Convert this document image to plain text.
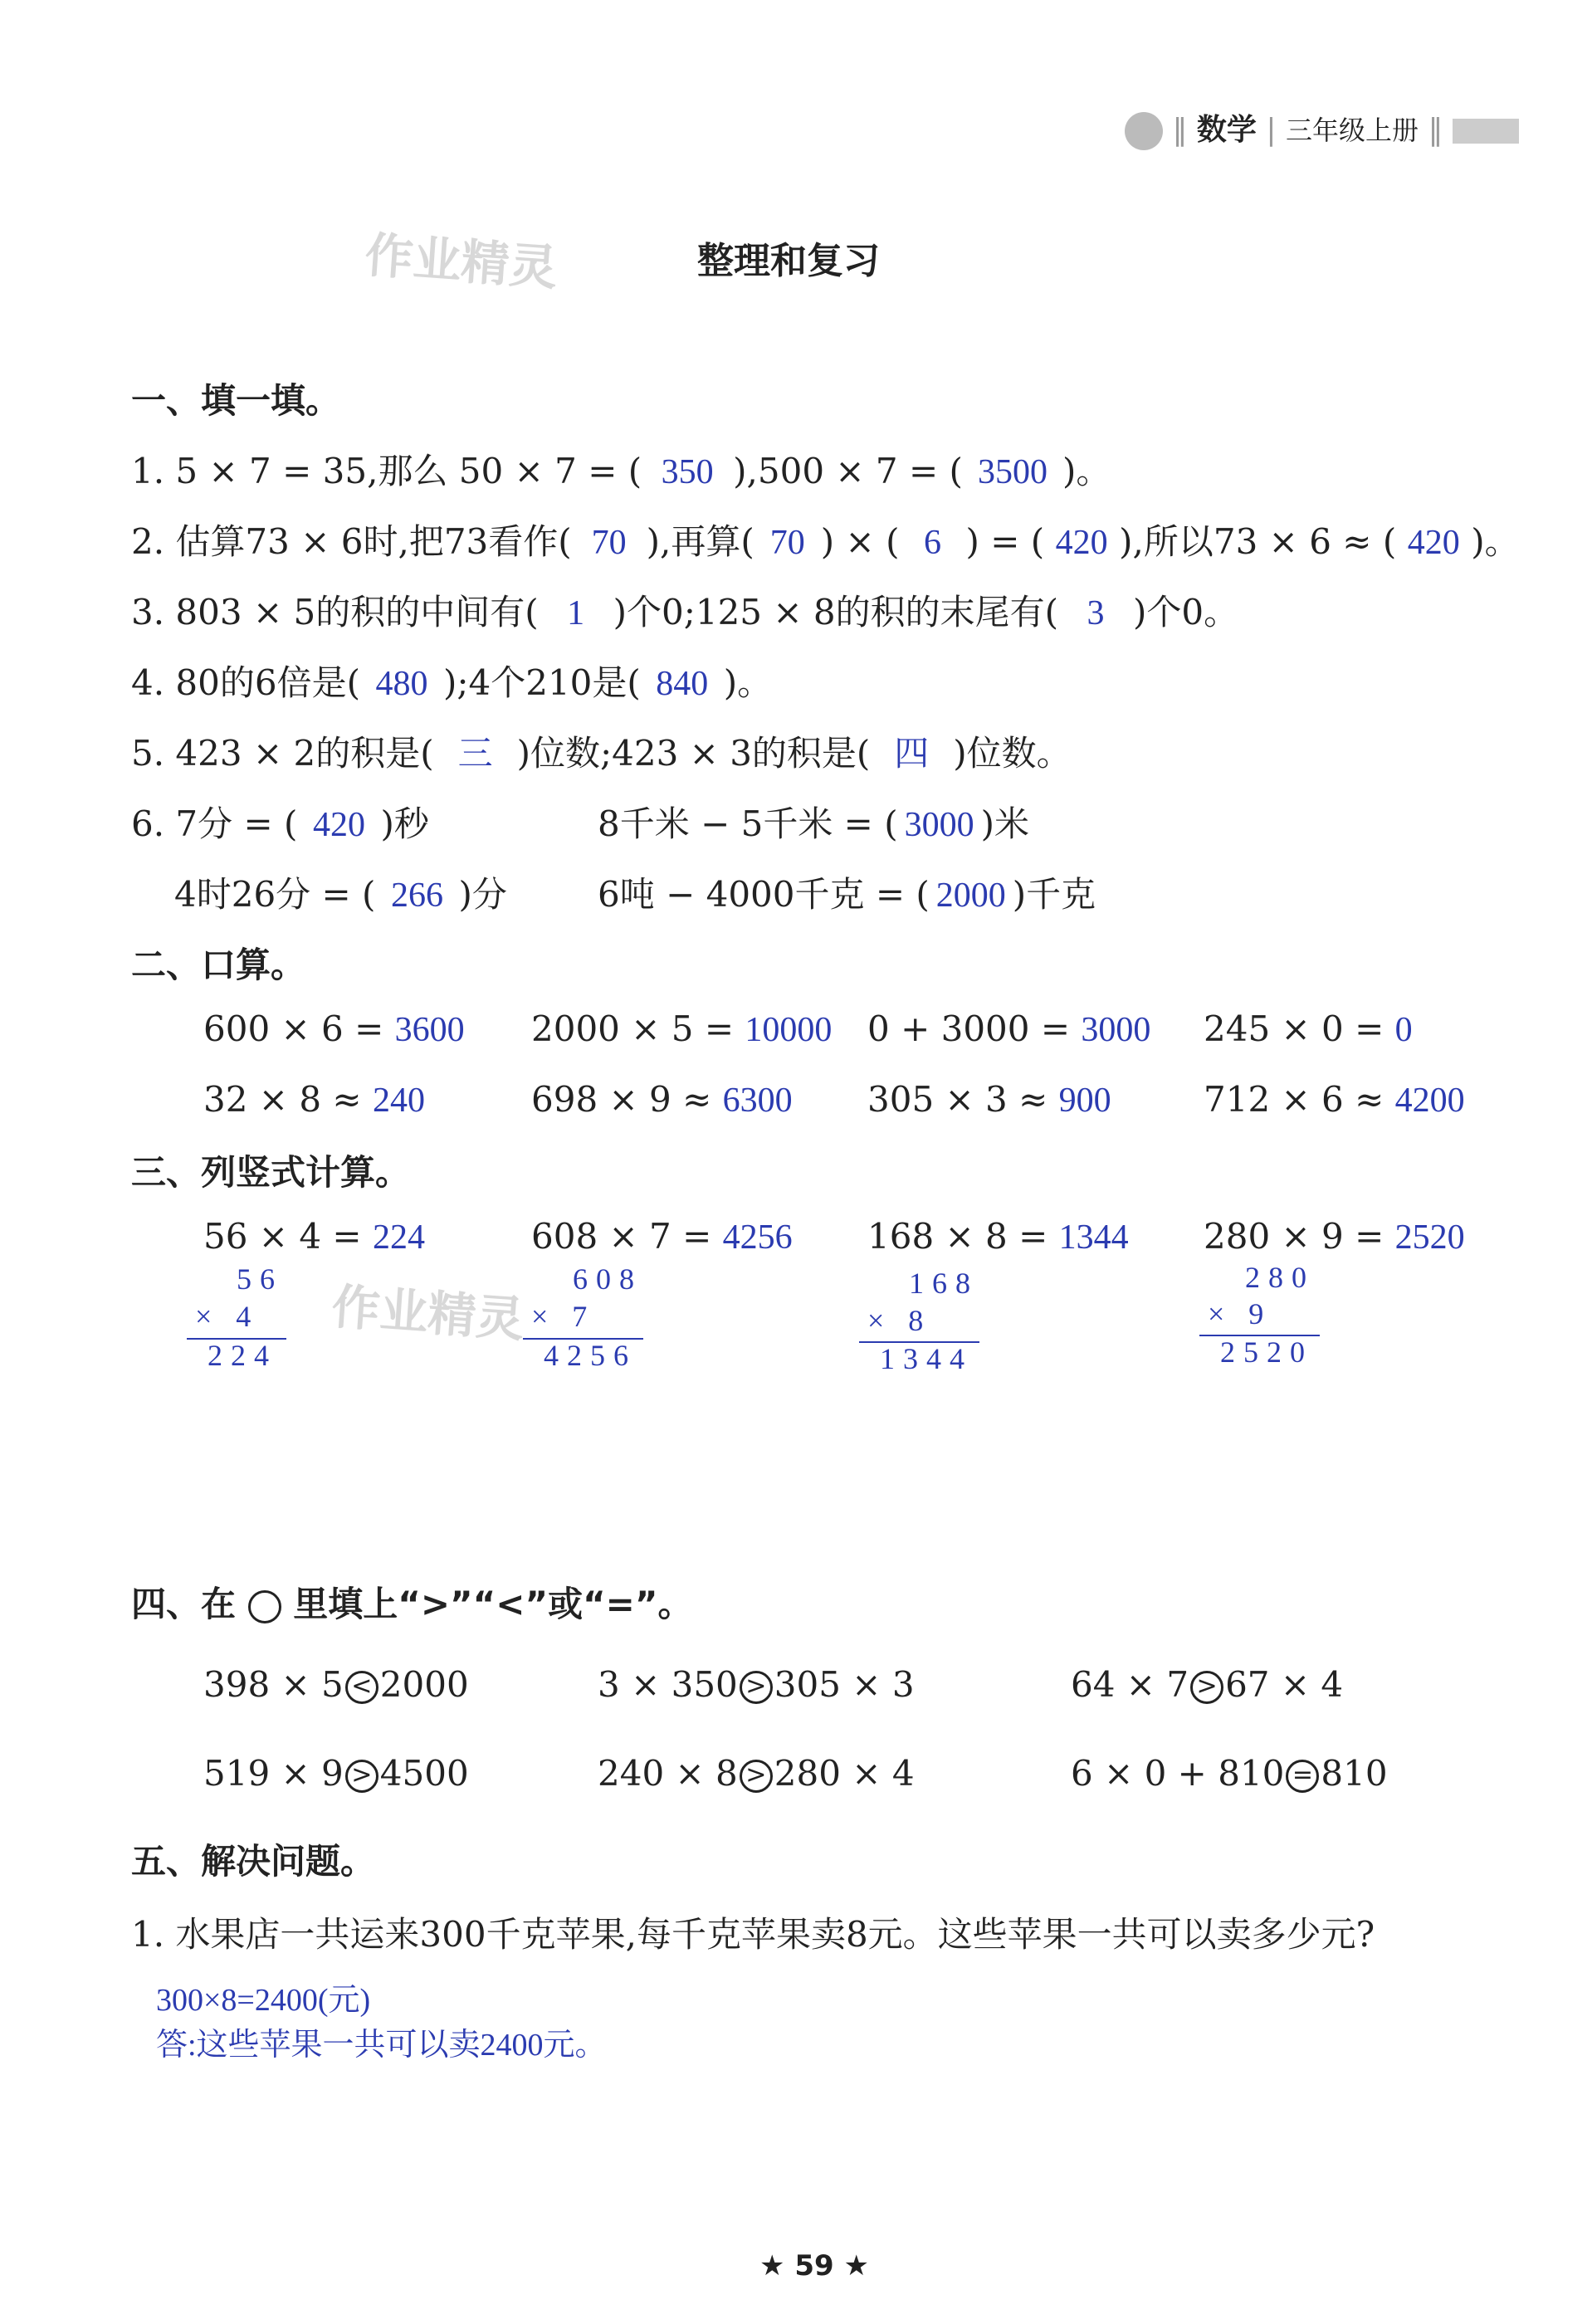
‖ 数学 | 三年级上册 ‖
作业精灵
作业精灵
整理和复习
一、填一填。
1. 5 × 7 = 35,那么 50 × 7 = ( 350 ),500 × 7 = ( 3500 )。
2. 估算73 × 6时,把73看作( 70 ),再算( 70 ) × ( 6 ) = ( 420 ),所以73 × 6 ≈ ( 420 )。
3. 803 × 5的积的中间有( 1 )个0;125 × 8的积的末尾有( 3 )个0。
4. 80的6倍是( 480 );4个210是( 840 )。
5. 423 × 2的积是( 三 )位数;423 × 3的积是( 四 )位数。
6. 7分 = ( 420 )秒	8千米 − 5千米 = ( 3000 )米
4时26分 = ( 266 )分	6吨 − 4000千克 = ( 2000 )千克
二、口算。
600 × 6 = 3600 2000 × 5 = 10000 0 + 3000 = 3000 245 × 0 = 0
32 × 8 ≈ 240	698 × 9 ≈ 6300 305 × 3 ≈ 900	712 × 6 ≈ 4200
三、列竖式计算。
56 × 4 = 224	608 × 7 = 4256 168 × 8 = 1344 280 × 9 = 2520
56
× 4
224
608
× 7
4256
168
× 8
1344
280
× 9
2520
四、在 里填上“>”“<”或“=”。
398 × 5 < 2000	3 × 350 > 305 × 3	64 × 7 > 67 × 4
519 × 9 > 4500	240 × 8 > 280 × 4	6 × 0 + 810 = 810
五、解决问题。
1. 水果店一共运来300千克苹果,每千克苹果卖8元。这些苹果一共可以卖多少元?
300×8=2400(元)
答:这些苹果一共可以卖2400元。
★ 59 ★
